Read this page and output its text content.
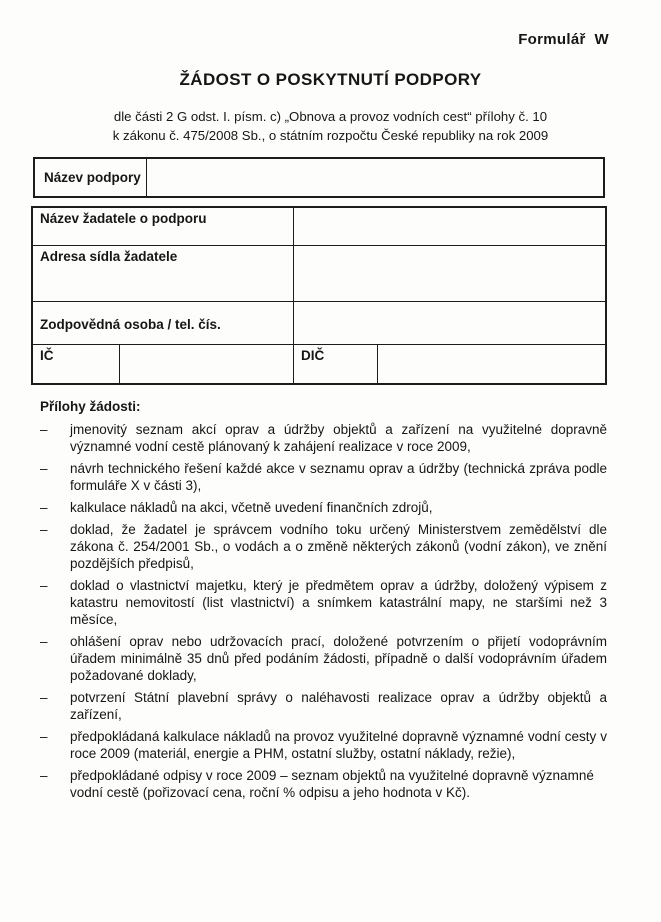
Formulář  W
ŽÁDOST O POSKYTNUTÍ PODPORY
dle části 2 G odst. I. písm. c) „Obnova a provoz vodních cest“ přílohy č. 10
k zákonu č. 475/2008 Sb., o státním rozpočtu České republiky na rok 2009
Název podpory
Název žadatele o podporu
Adresa sídla žadatele
Zodpovědná osoba / tel. čís.
IČ	DIČ
Přílohy žádosti:
–	jmenovitý seznam akcí oprav a údržby objektů a zařízení na využitelné dopravně významné vodní cestě plánovaný k zahájení realizace v roce 2009,
–	návrh technického řešení každé akce v seznamu oprav a údržby (technická zpráva podle formuláře X v části 3),
–	kalkulace nákladů na akci, včetně uvedení finančních zdrojů,
–	doklad, že žadatel je správcem vodního toku určený Ministerstvem zemědělství dle zákona č. 254/2001 Sb., o vodách a o změně některých zákonů (vodní zákon), ve znění pozdějších předpisů,
–	doklad o vlastnictví majetku, který je předmětem oprav a údržby, doložený výpisem z katastru nemovitostí (list vlastnictví) a snímkem katastrální mapy, ne staršími než 3 měsíce,
–	ohlášení oprav nebo udržovacích prací, doložené potvrzením o přijetí vodoprávním úřadem minimálně 35 dnů před podáním žádosti, případně o další vodoprávním úřadem požadované doklady,
–	potvrzení Státní plavební správy o naléhavosti realizace oprav a údržby objektů a zařízení,
–	předpokládaná kalkulace nákladů na provoz využitelné dopravně významné vodní cesty v roce 2009 (materiál, energie a PHM, ostatní služby, ostatní náklady, režie),
–	předpokládané odpisy v roce 2009 – seznam objektů na využitelné dopravně významné vodní cestě (pořizovací cena, roční % odpisu a jeho hodnota v Kč).
